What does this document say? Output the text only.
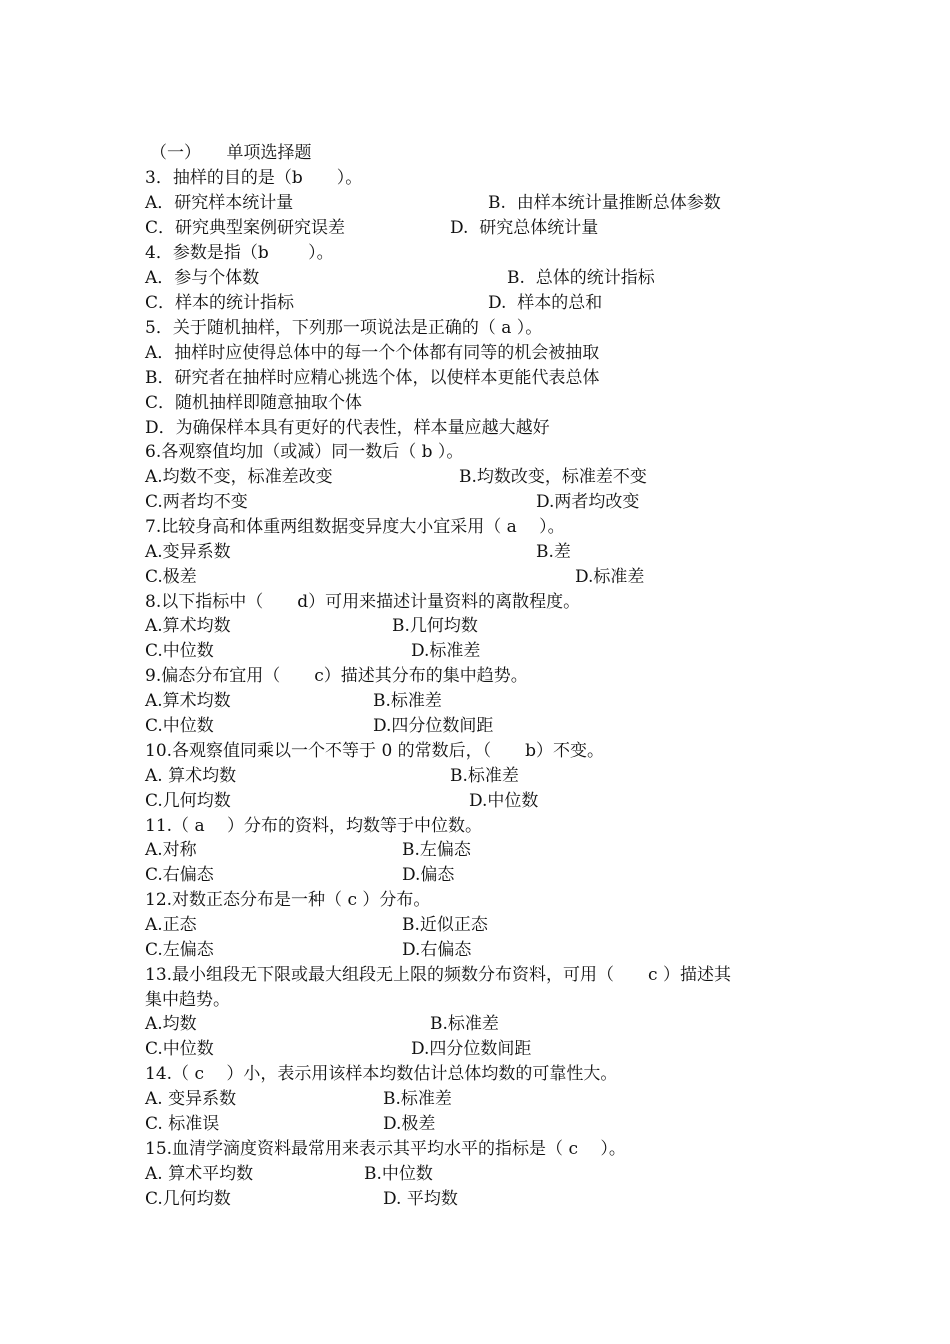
（一）　　单项选择题
3．抽样的目的是（b　　）。
A．研究样本统计量	B.  由样本统计量推断总体参数
C．研究典型案例研究误差	D.  研究总体统计量
4．参数是指（b　　 ）。
A．参与个体数	B.  总体的统计指标
C．样本的统计指标	D.  样本的总和
5．关于随机抽样，下列那一项说法是正确的（ a ）。
A．抽样时应使得总体中的每一个个体都有同等的机会被抽取
B．研究者在抽样时应精心挑选个体，以使样本更能代表总体
C．随机抽样即随意抽取个体
D．为确保样本具有更好的代表性，样本量应越大越好
6.各观察值均加（或减）同一数后（ b ）。
A.均数不变，标准差改变	B.均数改变，标准差不变
C.两者均不变	D.两者均改变
7.比较身高和体重两组数据变异度大小宜采用（ a　 ）。
A.变异系数	B.差
C.极差	D.标准差
8.以下指标中（　　d）可用来描述计量资料的离散程度。
A.算术均数	B.几何均数
C.中位数	D.标准差
9.偏态分布宜用（　　c）描述其分布的集中趋势。
A.算术均数	B.标准差
C.中位数	D.四分位数间距
10.各观察值同乘以一个不等于 0 的常数后，（　　b）不变。
A. 算术均数	B.标准差
C.几何均数	D.中位数
11.（ a　 ）分布的资料，均数等于中位数。
A.对称	B.左偏态
C.右偏态	D.偏态
12.对数正态分布是一种（ c ）分布。
A.正态	B.近似正态
C.左偏态	D.右偏态
13.最小组段无下限或最大组段无上限的频数分布资料，可用（　　c ）描述其
集中趋势。
A.均数	B.标准差
C.中位数	D.四分位数间距
14.（ c　 ）小，表示用该样本均数估计总体均数的可靠性大。
A. 变异系数	B.标准差
C. 标准误	D.极差
15.血清学滴度资料最常用来表示其平均水平的指标是（ c　 ）。
A. 算术平均数	B.中位数
C.几何均数	D. 平均数
